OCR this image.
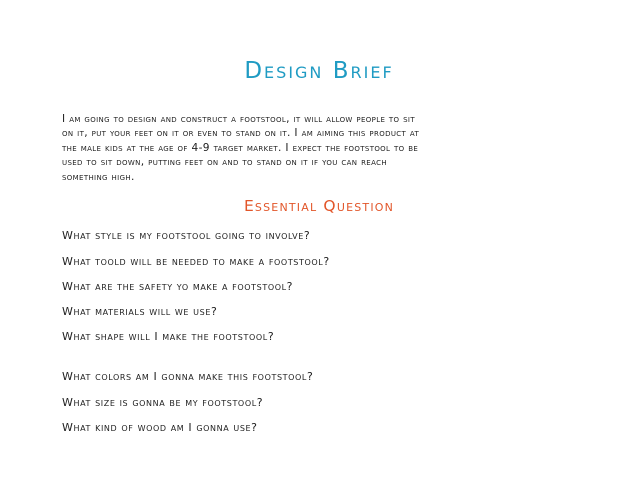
Design Brief

I am going to design and construct a footstool, it will allow people to sit
on it, put your feet on it or even to stand on it. I am aiming this product at
the male kids at the age of 4-9 target market. I expect the footstool to be
used to sit down, putting feet on and to stand on it if you can reach
something high.

Essential Question

What style is my footstool going to involve?

What toold will be needed to make a footstool?

What are the safety yo make a footstool?

What materials will we use?

What shape will I make the footstool?

What colors am I gonna make this footstool?

What size is gonna be my footstool?

What kind of wood am I gonna use?
